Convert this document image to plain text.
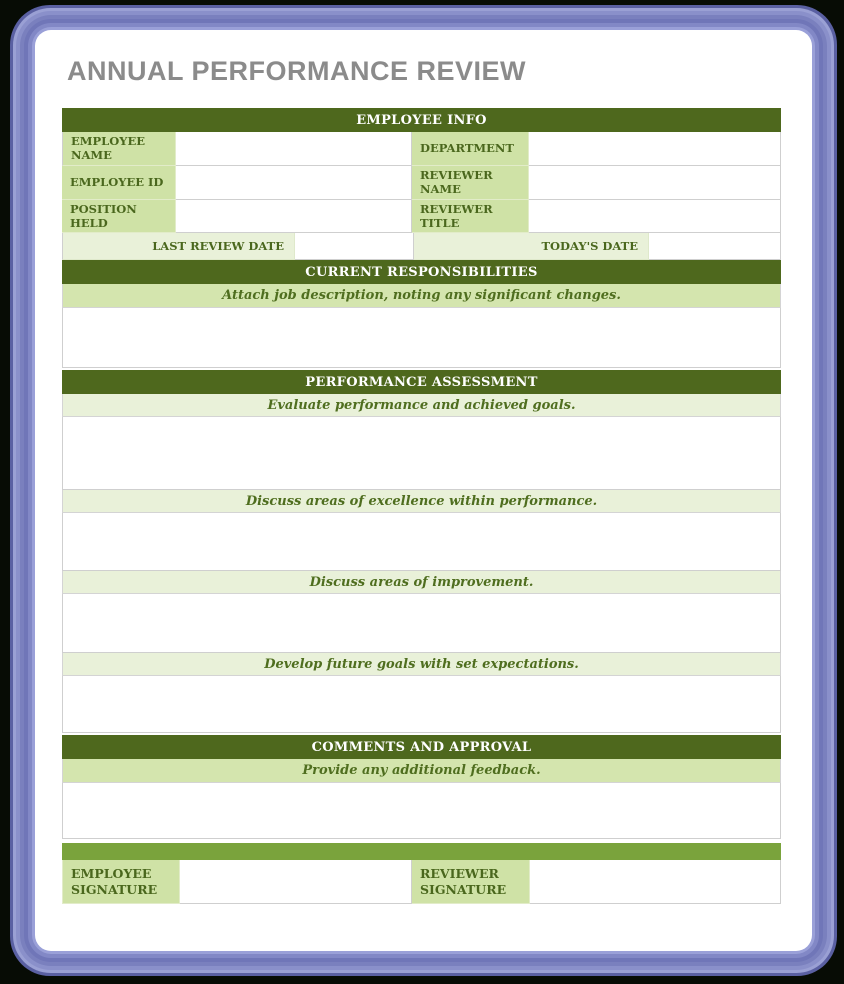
ANNUAL PERFORMANCE REVIEW
EMPLOYEE INFO
EMPLOYEE NAME
DEPARTMENT
EMPLOYEE ID
REVIEWER NAME
POSITION HELD
REVIEWER TITLE
LAST REVIEW DATE	TODAY'S DATE
CURRENT RESPONSIBILITIES
Attach job description, noting any significant changes.
PERFORMANCE ASSESSMENT
Evaluate performance and achieved goals.
Discuss areas of excellence within performance.
Discuss areas of improvement.
Develop future goals with set expectations.
COMMENTS AND APPROVAL
Provide any additional feedback.
EMPLOYEE SIGNATURE
REVIEWER SIGNATURE
